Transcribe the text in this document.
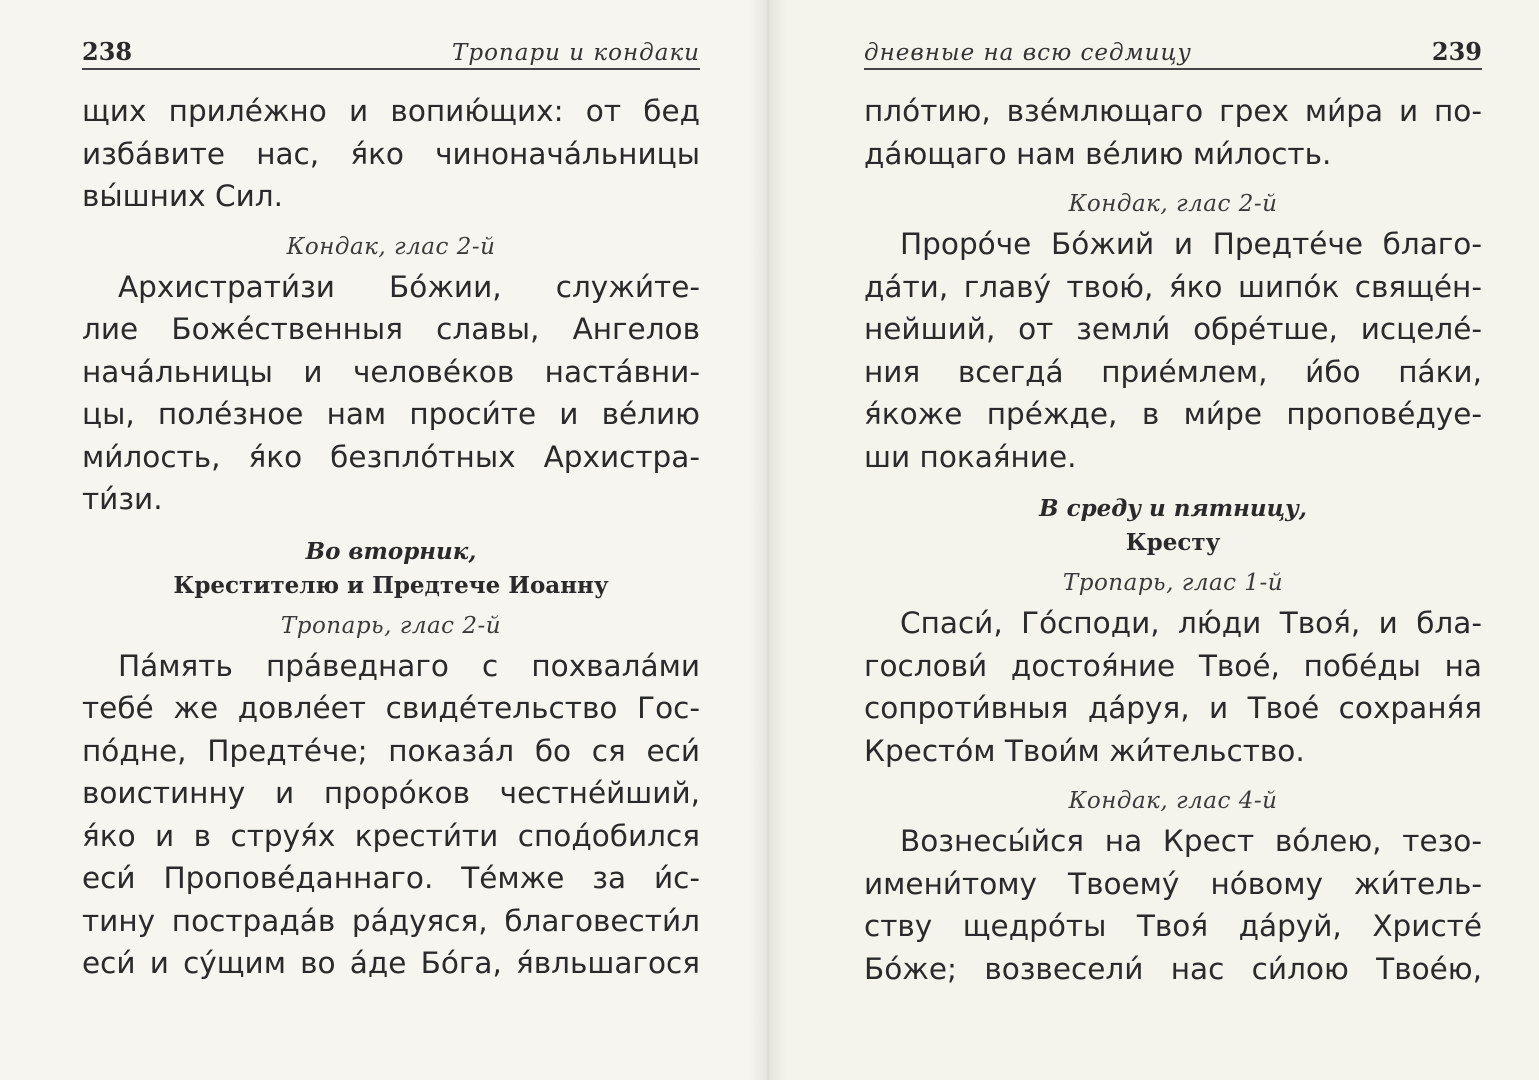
238	Тропари и кондаки
щих приле́жно и вопию́щих: от бед
избáвите нас, я́ко чинонача́льницы
вы́шних Сил.
Кондак, глас 2-й
Архистрати́зи Бо́жии, служи́те-
лие Боже́ственныя славы, Ангелов
нача́льницы и челове́ков наста́вни-
цы, поле́зное нам проси́те и ве́лию
ми́лость, я́ко безпло́тных Архистра-
ти́зи.
Во вторник,
Крестителю и Предтече Иоанну
Тропарь, глас 2-й
Па́мять пра́веднаго с похвала́ми
тебе́ же довле́ет свиде́тельство Гос-
по́дне, Предте́че; показа́л бо ся еси́
воистинну и проро́ков честне́йший,
я́ко и в струя́х крести́ти спод́обился
еси́ Пропове́даннаго. Те́мже за и́с-
тину пострада́в ра́дуяся, благовести́л
еси́ и су́щим во а́де Бо́га, я́вльшагося
дневные на всю седмицу	239
пло́тию, взе́млющаго грех ми́ра и по-
да́ющаго нам ве́лию ми́лость.
Кондак, глас 2-й
Проро́че Бо́жий и Предте́че благо-
да́ти, главу́ твою́, я́ко шипо́к свяще́н-
нейший, от земли́ обре́тше, исцеле́-
ния всегда́ прие́млем, и́бо па́ки,
я́коже пре́жде, в ми́ре пропове́дуе-
ши покая́ние.
В среду и пятницу,
Кресту
Тропарь, глас 1-й
Спаси́, Го́споди, лю́ди Твоя́, и бла-
гослови́ достоя́ние Твое́, побе́ды на
сопроти́вныя да́руя, и Твое́ сохраня́я
Кресто́м Твои́м жи́тельство.
Кондак, глас 4-й
Вознесы́йся на Крест во́лею, тезо-
имени́тому Твоему́ но́вому жи́тель-
ству щедро́ты Твоя́ да́руй, Христе́
Бо́же; возвесели́ нас си́лою Твое́ю,
